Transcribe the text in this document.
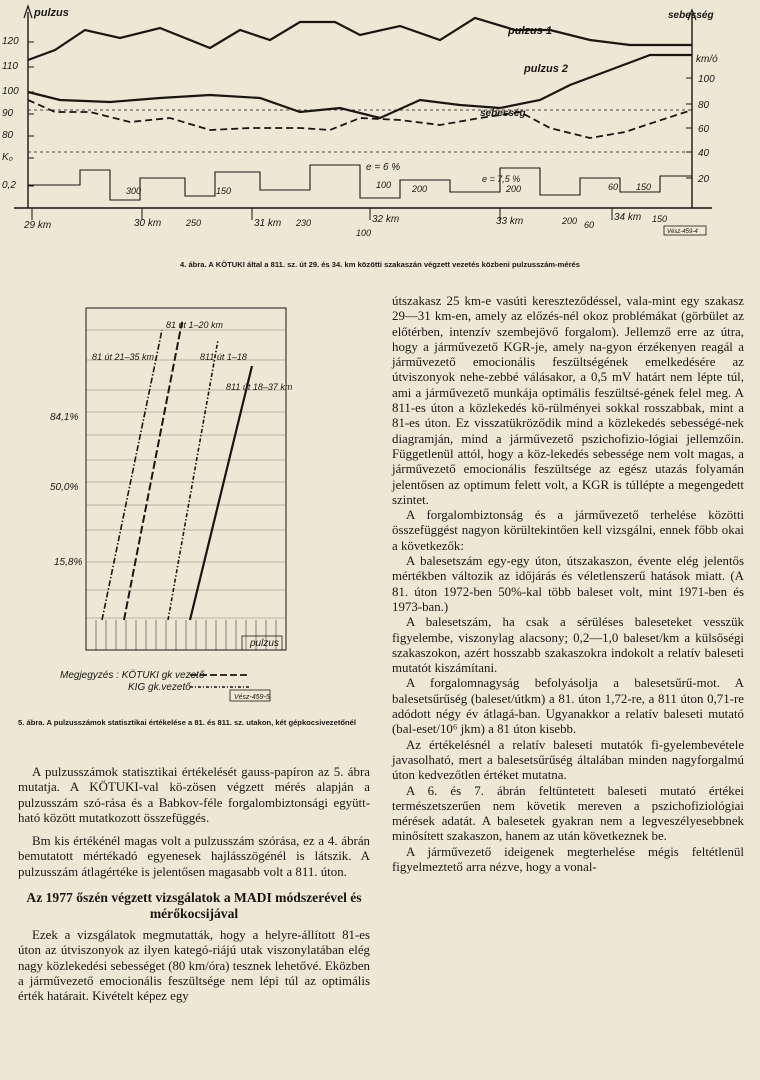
120
110
100
90
80
K₀
0,2
100
80
60
40
20
pulzus	sebesség
km/ó
pulzus 1
pulzus 2
sebesség
e = 6 %
e = 7,5 %
300	150
100 200	200	60 150
29 km	30 km	31 km	32 km	33 km	34 km
250	230
100
200 60
150
Vész-459-4
4. ábra. A KÖTUKI által a 811. sz. út 29. és 34. km közötti szakaszán végzett vezetés közbeni pulzusszám-mérés
84,1%
50,0%
15,8%
81 út 1–20 km
81 út 21–35 km	811 út 1–18
811 út 18–37 km
pulzus
Megjegyzés : KÖTUKI gk vezető
KIG gk.vezető
Vész-459-5
5. ábra. A pulzusszámok statisztikai értékelése a 81. és 811. sz. utakon, két gépkocsivezetőnél

A pulzusszámok statisztikai értékelését gauss-papíron az 5. ábra mutatja. A KÖTUKI-val kö-zösen végzett mérés alapján a pulzusszám szó-rása és a Babkov-féle forgalombiztonsági együtt-ható között mutatkozott összefüggés.

Bm kis értékénél magas volt a pulzusszám szórása, ez a 4. ábrán bemutatott mértékadó egyenesek hajlásszögénél is látszik. A pulzusszám átlagértéke is jelentősen magasabb volt a 811. úton.

Az 1977 őszén végzett vizsgálatok a MADI módszerével és mérőkocsijával

Ezek a vizsgálatok megmutatták, hogy a helyre-állított 81-es úton az útviszonyok az ilyen kategó-riájú utak viszonylatában elég nagy közlekedési sebességet (80 km/óra) tesznek lehetővé. Eközben a járművezető emocionális feszültsége nem lépi túl az optimális érték határait. Kivételt képez egy

útszakasz 25 km-e vasúti kereszteződéssel, vala-mint egy szakasz 29—31 km-en, amely az előzés-nél okoz problémákat (görbület az előtérben, intenzív szembejövő forgalom). Jellemző erre az útra, hogy a járművezető KGR-je, amely na-gyon érzékenyen reagál a járművezető emocionális feszültségének emelkedésére az útviszonyok nehe-zebbé válásakor, a 0,5 mV határt nem lépte túl, ami a járművezető munkája optimális feszültsé-gének felel meg. A 811-es úton a közlekedés kö-rülményei sokkal rosszabbak, mint a 81-es úton. Ez visszatükröződik mind a közlekedés sebességé-nek diagramján, mind a járművezető pszichofizio-lógiai jellemzőin. Függetlenül attól, hogy a köz-lekedés sebessége nem volt magas, a járművezető emocionális feszültsége az egész utazás folyamán jelentősen az optimum felett volt, a KGR is túllépte a megengedett szintet.

A forgalombiztonság és a járművezető terhelése közötti összefüggést nagyon körültekintően kell vizsgálni, ennek főbb okai a következők:

A balesetszám egy-egy úton, útszakaszon, évente elég jelentős mértékben változik az időjárás és véletlenszerű hatások miatt. (A 81. úton 1972-ben 50%-kal több baleset volt, mint 1971-ben és 1973-ban.)

A balesetszám, ha csak a sérüléses baleseteket vesszük figyelembe, viszonylag alacsony; 0,2—1,0 baleset/km a külsőségi szakaszokon, azért hosszabb szakaszokra indokolt a relatív baleseti mutatót kiszámítani.

A forgalomnagyság befolyásolja a balesetsűrű-mot. A balesetsűrűség (baleset/útkm) a 81. úton 1,72-re, a 811 úton 0,71-re adódott négy év átlagá-ban. Ugyanakkor a relatív baleseti mutató (bal-eset/10⁶ jkm) a 81 úton kisebb.

Az értékelésnél a relatív baleseti mutatók fi-gyelembevétele javasolható, mert a balesetsűrűség általában minden nagyforgalmú úton kedvezőtlen értéket mutatna.

A 6. és 7. ábrán feltüntetett baleseti mutató értékei természetszerűen nem követik mereven a pszichofiziológiai mérések adatát. A balesetek gyakran nem a legveszélyesebbnek minősített szakaszon, hanem az után következnek be.

A járművezető ideigenek megterhelése mégis feltétlenül figyelmeztető arra nézve, hogy a vonal-
